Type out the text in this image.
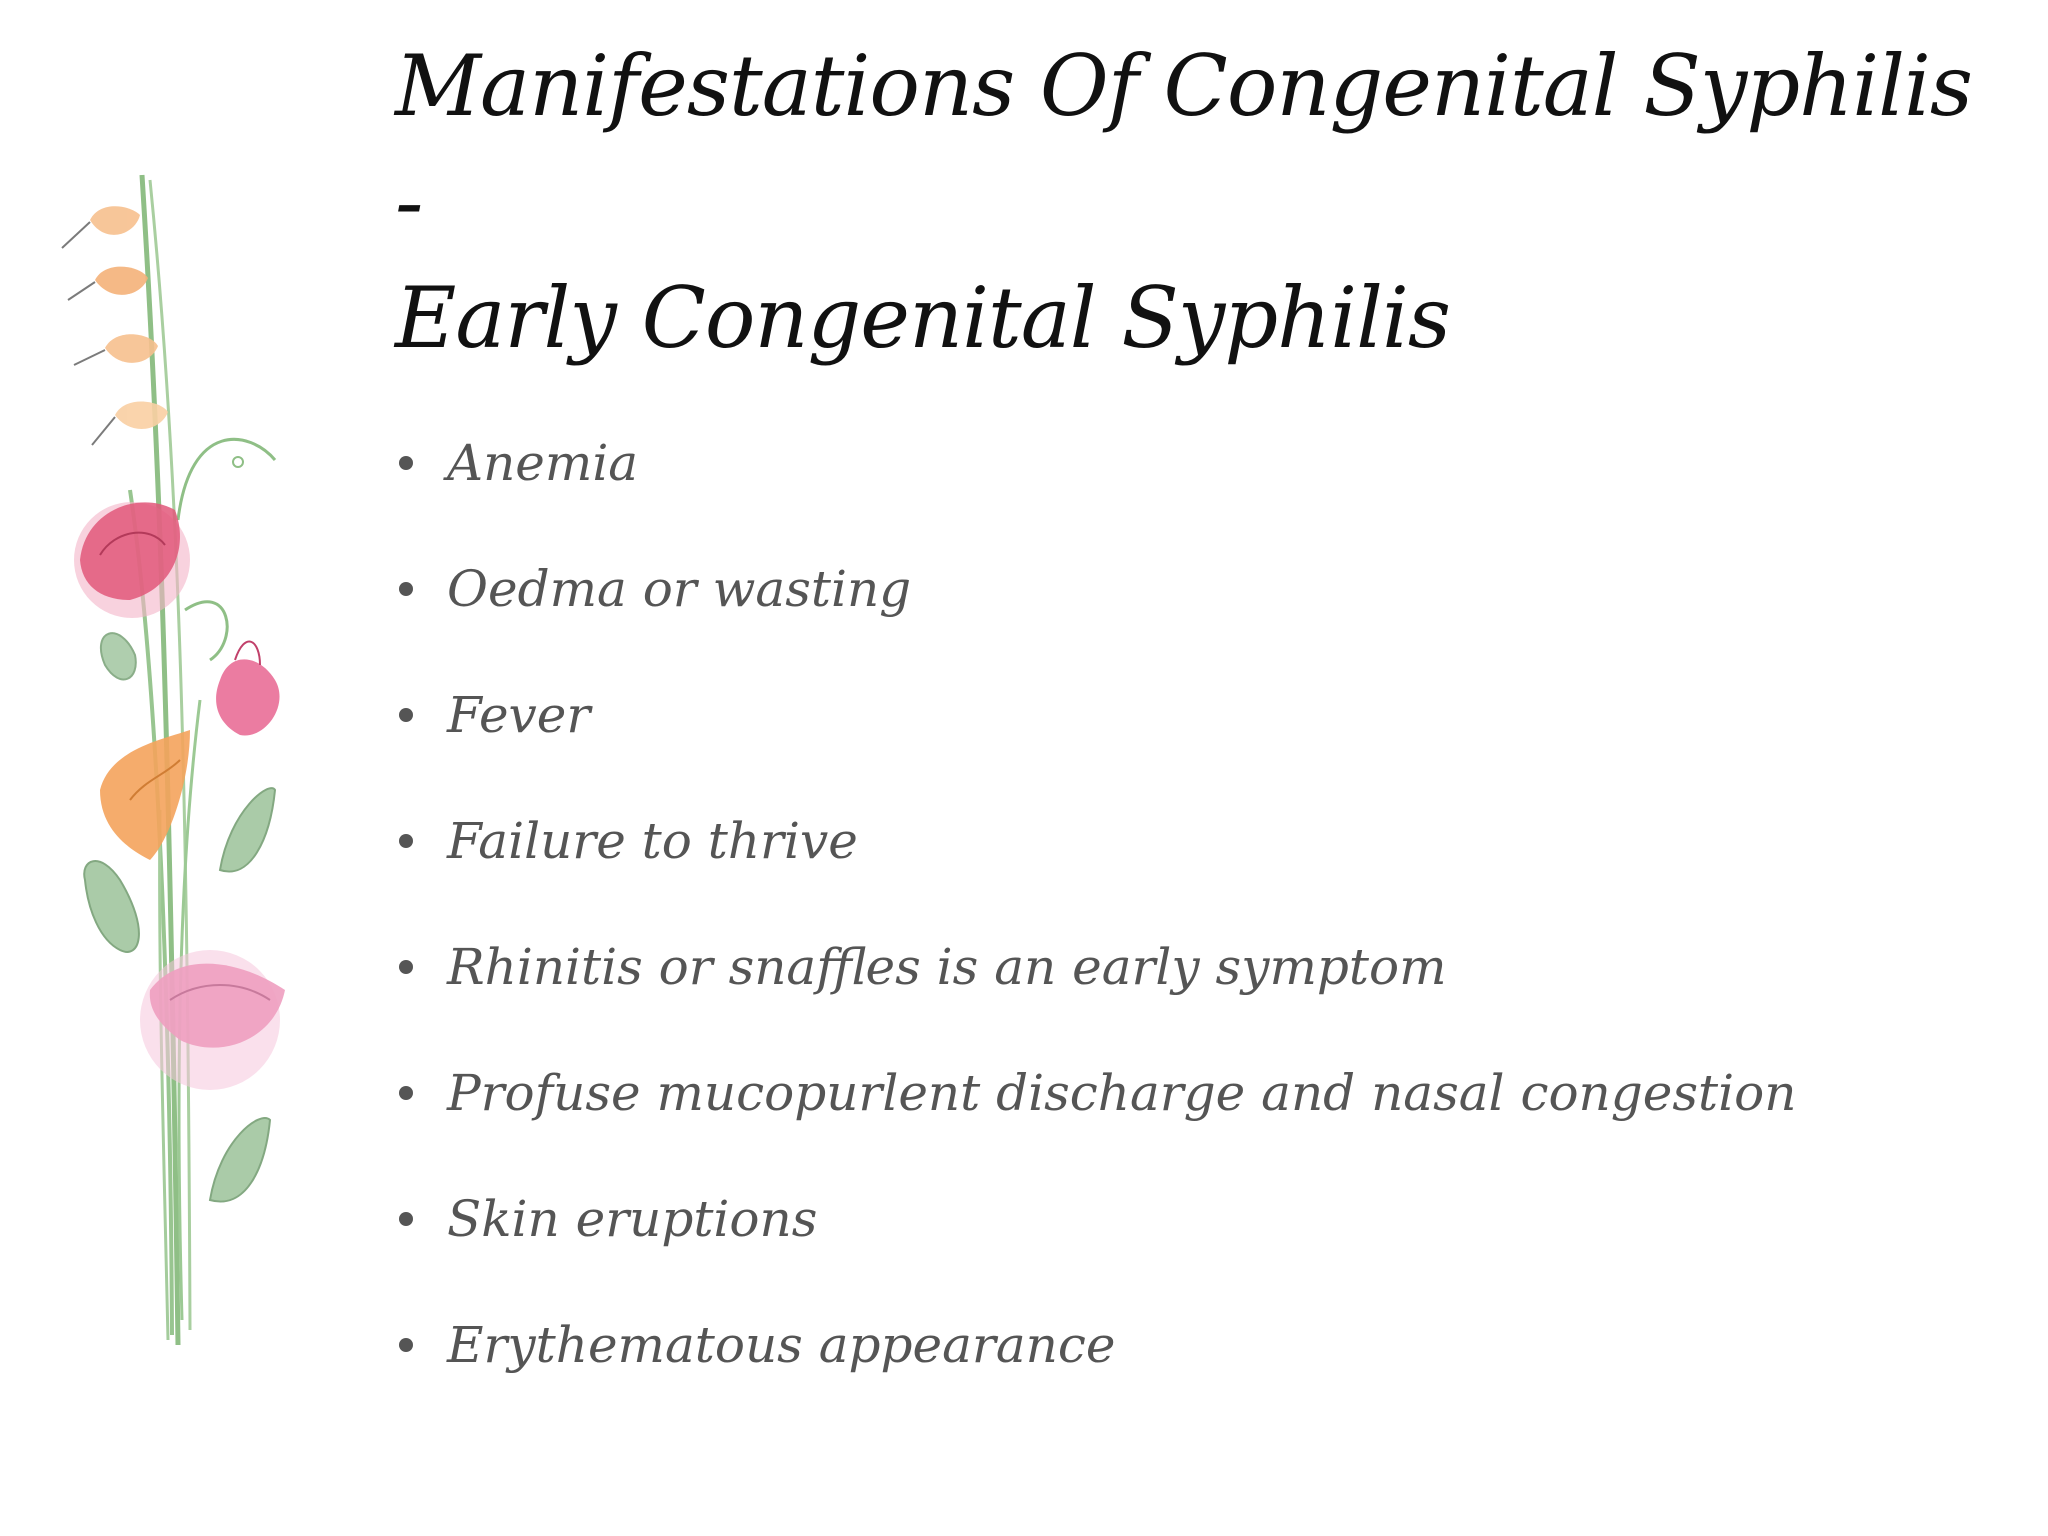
Manifestations Of Congenital Syphilis -
Early Congenital Syphilis
Anemia
Oedma or wasting
Fever
Failure to thrive
Rhinitis or snaffles is an early symptom
Profuse mucopurlent discharge and nasal congestion
Skin eruptions
Erythematous appearance
